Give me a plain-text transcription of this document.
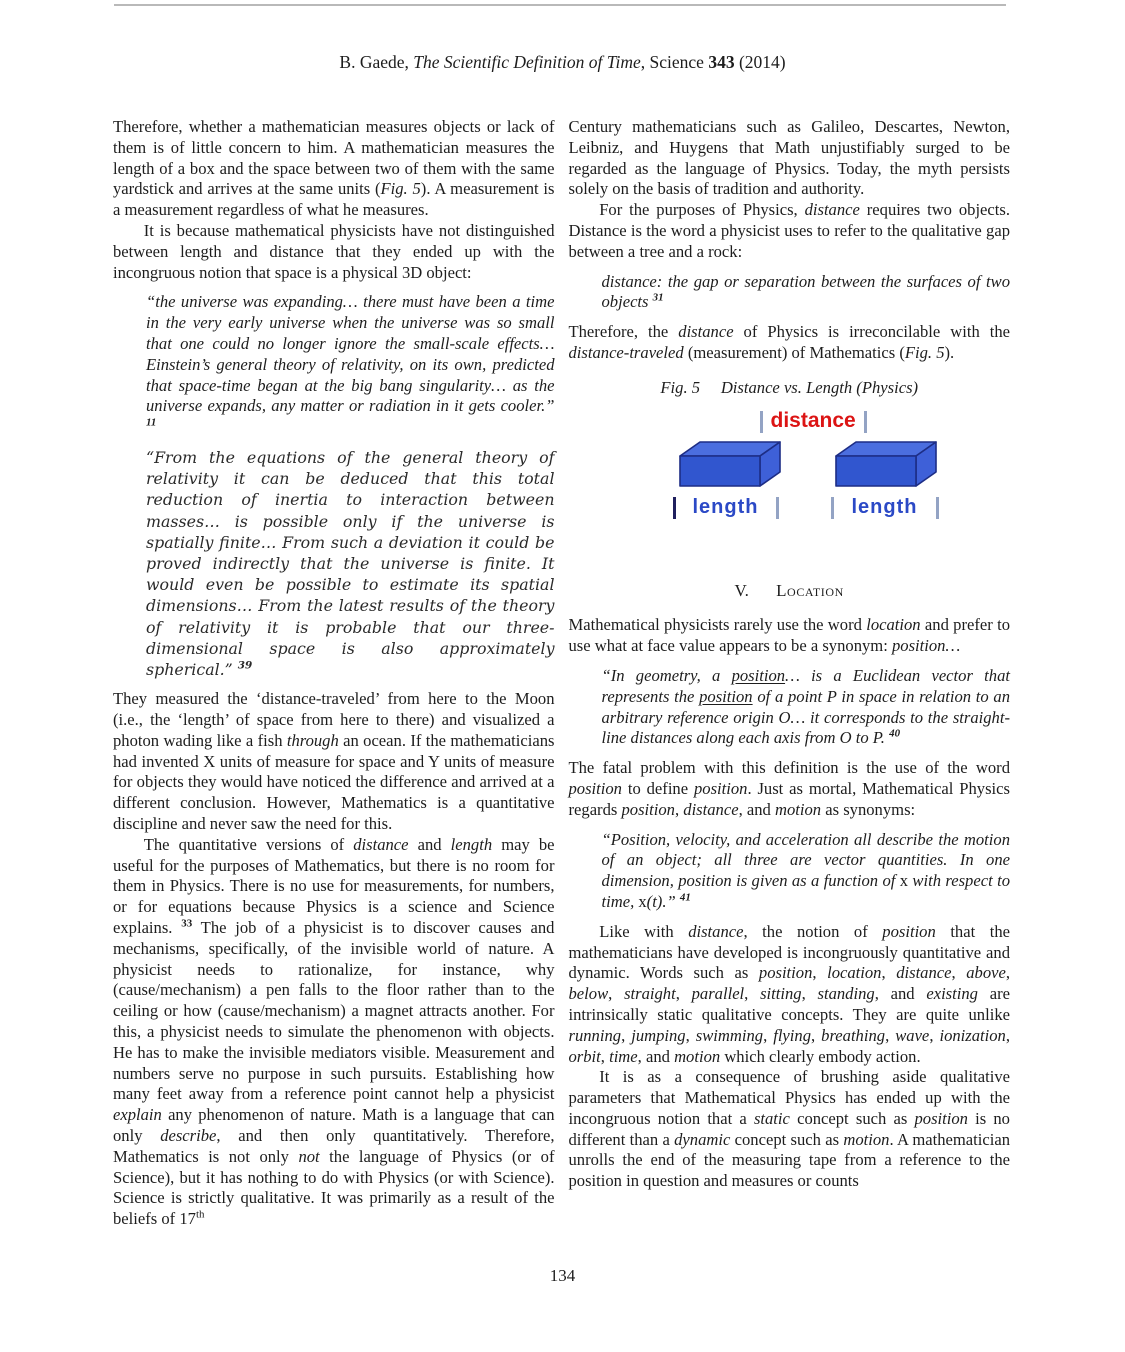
B. Gaede, The Scientific Definition of Time, Science 343 (2014)
Therefore, whether a mathematician measures objects or lack of them is of little concern to him. A mathematician measures the length of a box and the space between two of them with the same yardstick and arrives at the same units (Fig. 5). A measurement is a measurement regardless of what he measures.
It is because mathematical physicists have not distinguished between length and distance that they ended up with the incongruous notion that space is a physical 3D object:
“the universe was expanding… there must have been a time in the very early universe when the universe was so small that one could no longer ignore the small-scale effects… Einstein’s general theory of relativity, on its own, predicted that space-time began at the big bang singularity… as the universe expands, any matter or radiation in it gets cooler.” $^{11}$
“From the equations of the general theory of relativity it can be deduced that this total reduction of inertia to interaction between masses… is possible only if the universe is spatially finite… From such a deviation it could be proved indirectly that the universe is finite. It would even be possible to estimate its spatial dimensions… From the latest results of the theory of relativity it is probable that our three-dimensional space is also approximately spherical.” $^{39}$
They measured the ‘distance-traveled’ from here to the Moon (i.e., the ‘length’ of space from here to there) and visualized a photon wading like a fish through an ocean. If the mathematicians had invented X units of measure for space and Y units of measure for objects they would have noticed the difference and arrived at a different conclusion. However, Mathematics is a quantitative discipline and never saw the need for this.
The quantitative versions of distance and length may be useful for the purposes of Mathematics, but there is no room for them in Physics. There is no use for measurements, for numbers, or for equations because Physics is a science and Science explains. $^{33}$ The job of a physicist is to discover causes and mechanisms, specifically, of the invisible world of nature. A physicist needs to rationalize, for instance, why (cause/mechanism) a pen falls to the floor rather than to the ceiling or how (cause/mechanism) a magnet attracts another. For this, a physicist needs to simulate the phenomenon with objects. He has to make the invisible mediators visible. Measurement and numbers serve no purpose in such pursuits. Establishing how many feet away from a reference point cannot help a physicist explain any phenomenon of nature. Math is a language that can only describe, and then only quantitatively. Therefore, Mathematics is not only not the language of Physics (or of Science), but it has nothing to do with Physics (or with Science). Science is strictly qualitative. It was primarily as a result of the beliefs of 17th
Century mathematicians such as Galileo, Descartes, Newton, Leibniz, and Huygens that Math unjustifiably surged to be regarded as the language of Physics. Today, the myth persists solely on the basis of tradition and authority.
For the purposes of Physics, distance requires two objects. Distance is the word a physicist uses to refer to the qualitative gap between a tree and a rock:
distance: the gap or separation between the surfaces of two objects $^{31}$
Therefore, the distance of Physics is irreconcilable with the distance-traveled (measurement) of Mathematics (Fig. 5).
Fig. 5 Distance vs. Length (Physics)
distance
length	length
V. Location
Mathematical physicists rarely use the word location and prefer to use what at face value appears to be a synonym: position…
“In geometry, a position… is a Euclidean vector that represents the position of a point P in space in relation to an arbitrary reference origin O… it corresponds to the straight-line distances along each axis from O to P. $^{40}$
The fatal problem with this definition is the use of the word position to define position. Just as mortal, Mathematical Physics regards position, distance, and motion as synonyms:
“Position, velocity, and acceleration all describe the motion of an object; all three are vector quantities. In one dimension, position is given as a function of x with respect to time, x(t).” $^{41}$
Like with distance, the notion of position that the mathematicians have developed is incongruously quantitative and dynamic. Words such as position, location, distance, above, below, straight, parallel, sitting, standing, and existing are intrinsically static qualitative concepts. They are quite unlike running, jumping, swimming, flying, breathing, wave, ionization, orbit, time, and motion which clearly embody action.
It is as a consequence of brushing aside qualitative parameters that Mathematical Physics has ended up with the incongruous notion that a static concept such as position is no different than a dynamic concept such as motion. A mathematician unrolls the end of the measuring tape from a reference to the position in question and measures or counts
134
